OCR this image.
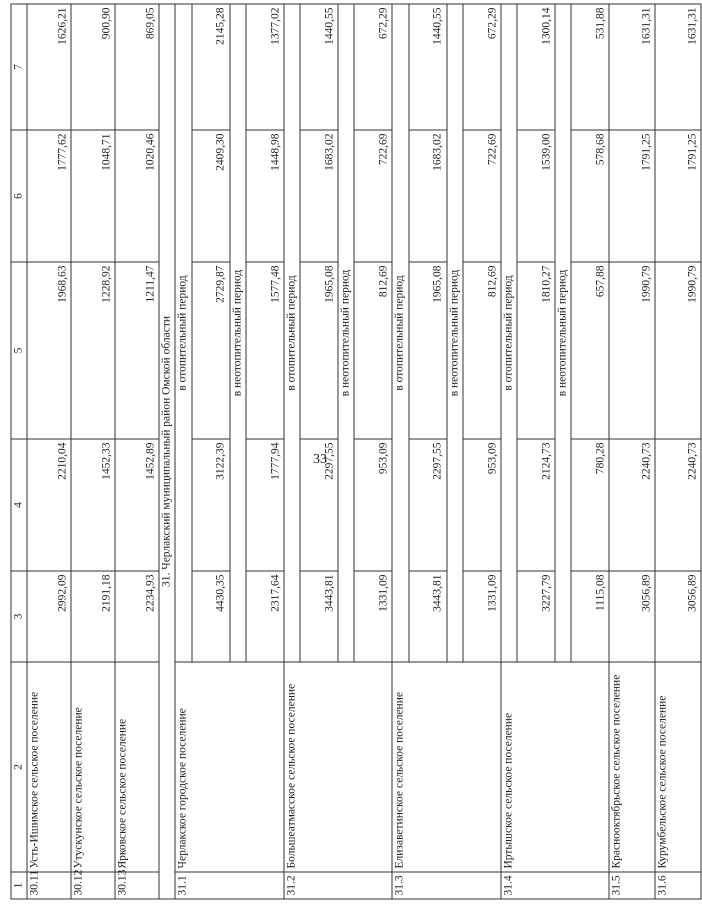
33
1	2	3	4	5	6	7
30.11	Усть-Ишимское сельское поселение	2992,09	2210,04	1968,63	1777,62	1626,21
30.12	Утускунское сельское поселение	2191,18	1452,33	1228,92	1048,71	900,90
30.13	Ярковское сельское поселение	2234,93	1452,89	1211,47	1020,46	869,05
31. Черлакский муниципальный район Омской области						
31.1	Черлакское городское поселение	в отопительный период				
		4430,35	3122,39	2729,87	2409,30	2145,28
		в неотопительный период				
		2317,64	1777,94	1577,48	1448,98	1377,02
31.2	Большеатмасское сельское поселение	в отопительный период				
		3443,81	2297,55	1965,08	1683,02	1440,55
		в неотопительный период				
		1331,09	953,09	812,69	722,69	672,29
31.3	Елизаветинское сельское поселение	в отопительный период				
		3443,81	2297,55	1965,08	1683,02	1440,55
		в неотопительный период				
		1331,09	953,09	812,69	722,69	672,29
31.4	Иртышское сельское поселение	в отопительный период				
		3227,79	2124,73	1810,27	1539,00	1300,14
		в неотопительный период				
		1115,08	780,28	657,88	578,68	531,88
31.5	Красноoктябрьское сельское поселение	3056,89	2240,73	1990,79	1791,25	1631,31
31.6	Курумбельское сельское поселение	3056,89	2240,73	1990,79	1791,25	1631,31
